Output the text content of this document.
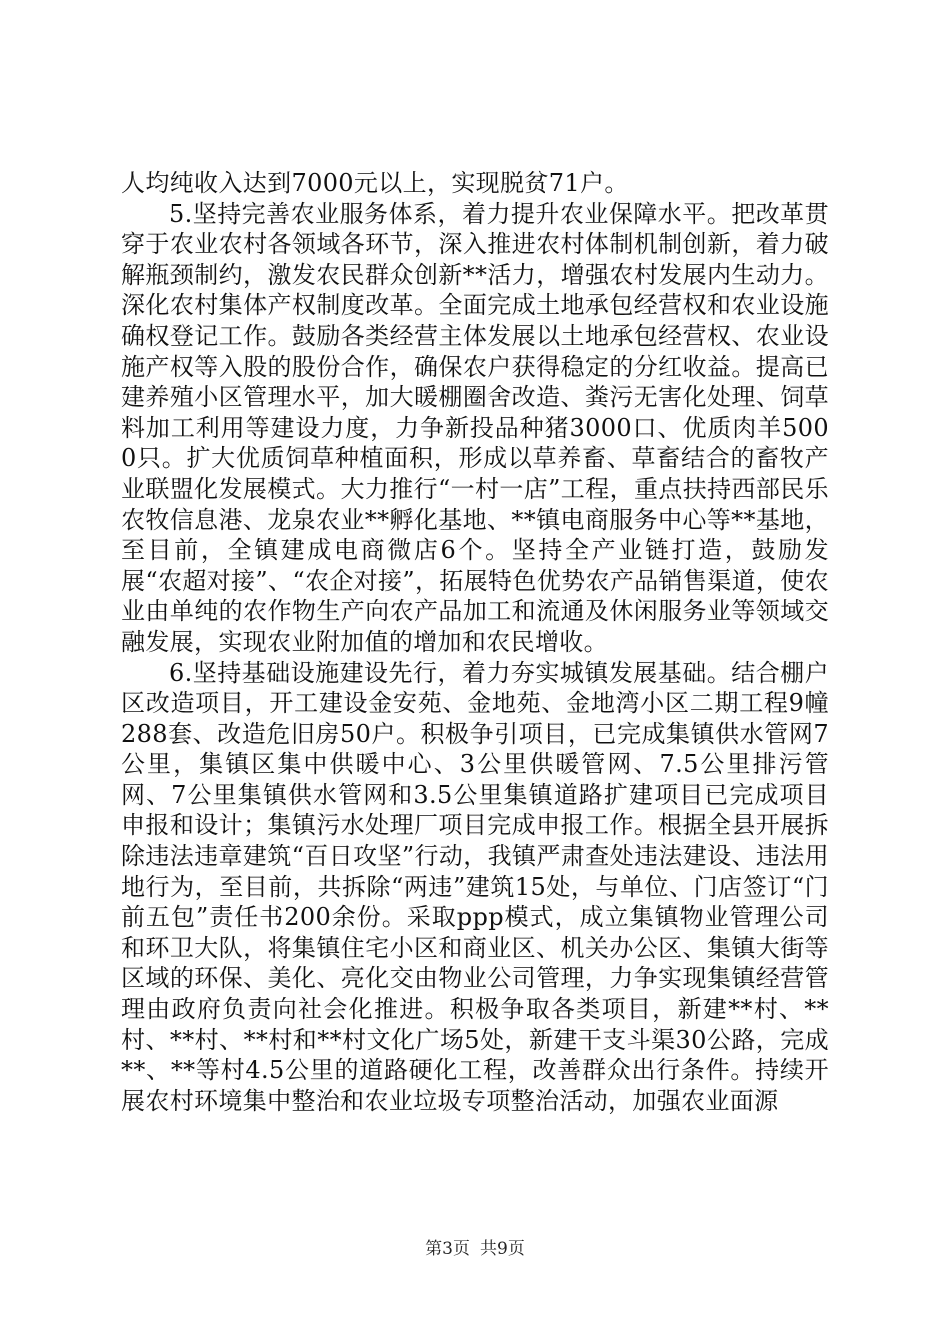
人均纯收入达到7000元以上，实现脱贫71户。

5.坚持完善农业服务体系，着力提升农业保障水平。把改革贯穿于农业农村各领域各环节，深入推进农村体制机制创新，着力破解瓶颈制约，激发农民群众创新**活力，增强农村发展内生动力。深化农村集体产权制度改革。全面完成土地承包经营权和农业设施确权登记工作。鼓励各类经营主体发展以土地承包经营权、农业设施产权等入股的股份合作，确保农户获得稳定的分红收益。提高已建养殖小区管理水平，加大暖棚圈舍改造、粪污无害化处理、饲草料加工利用等建设力度，力争新投品种猪3000口、优质肉羊5000只。扩大优质饲草种植面积，形成以草养畜、草畜结合的畜牧产业联盟化发展模式。大力推行“一村一店”工程，重点扶持西部民乐农牧信息港、龙泉农业**孵化基地、**镇电商服务中心等**基地，至目前，全镇建成电商微店6个。坚持全产业链打造，鼓励发展“农超对接”、“农企对接”，拓展特色优势农产品销售渠道，使农业由单纯的农作物生产向农产品加工和流通及休闲服务业等领域交融发展，实现农业附加值的增加和农民增收。

6.坚持基础设施建设先行，着力夯实城镇发展基础。结合棚户区改造项目，开工建设金安苑、金地苑、金地湾小区二期工程9幢288套、改造危旧房50户。积极争引项目，已完成集镇供水管网7公里，集镇区集中供暖中心、3公里供暖管网、7.5公里排污管网、7公里集镇供水管网和3.5公里集镇道路扩建项目已完成项目申报和设计；集镇污水处理厂项目完成申报工作。根据全县开展拆除违法违章建筑“百日攻坚”行动，我镇严肃查处违法建设、违法用地行为，至目前，共拆除“两违”建筑15处，与单位、门店签订“门前五包”责任书200余份。采取ppp模式，成立集镇物业管理公司和环卫大队，将集镇住宅小区和商业区、机关办公区、集镇大街等区域的环保、美化、亮化交由物业公司管理，力争实现集镇经营管理由政府负责向社会化推进。积极争取各类项目，新建**村、**村、**村、**村和**村文化广场5处，新建干支斗渠30公路，完成**、**等村4.5公里的道路硬化工程，改善群众出行条件。持续开展农村环境集中整治和农业垃圾专项整治活动，加强农业面源

第3页 共9页
